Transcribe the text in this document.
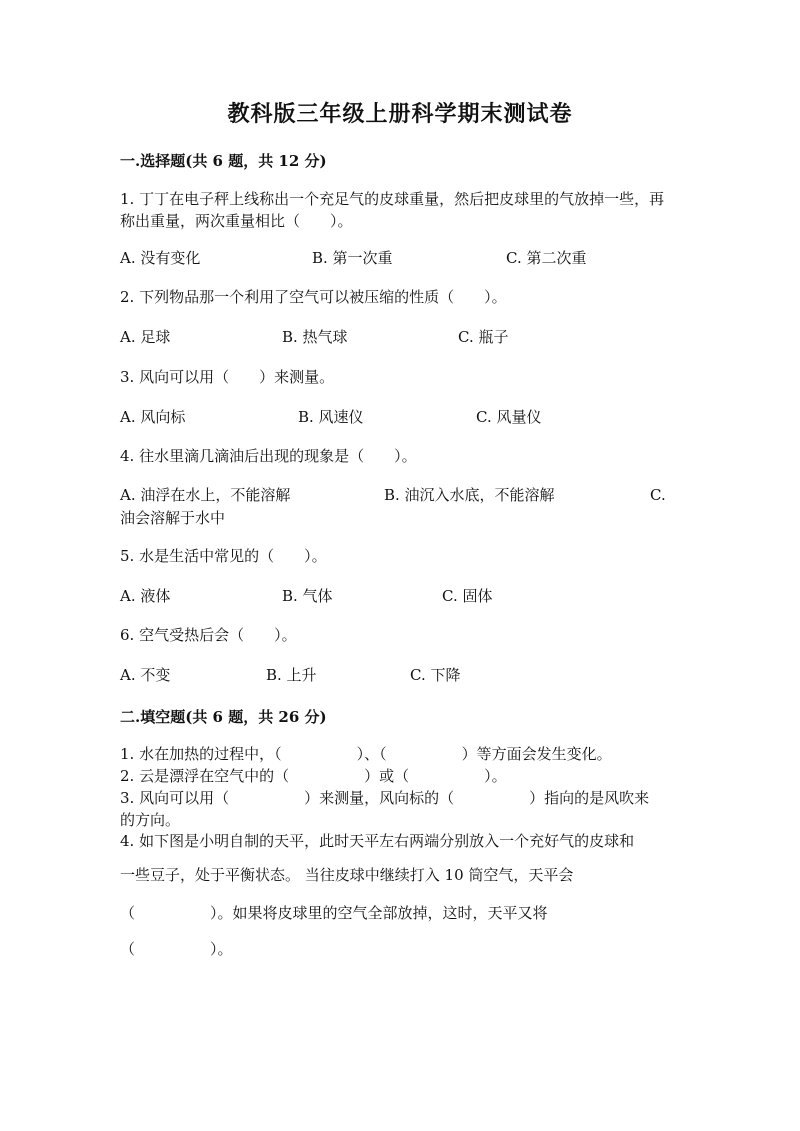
教科版三年级上册科学期末测试卷
一.选择题(共 6 题，共 12 分)
1. 丁丁在电子秤上线称出一个充足气的皮球重量，然后把皮球里的气放掉一些，再称出重量，两次重量相比（　　）。
A. 没有变化	B. 第一次重	C. 第二次重
2. 下列物品那一个利用了空气可以被压缩的性质（　　）。
A. 足球	B. 热气球	C. 瓶子
3. 风向可以用（　　）来测量。
A. 风向标	B. 风速仪	C. 风量仪
4. 往水里滴几滴油后出现的现象是（　　）。
A. 油浮在水上，不能溶解	B. 油沉入水底，不能溶解	C.
油会溶解于水中
5. 水是生活中常见的（　　）。
A. 液体	B. 气体	C. 固体
6. 空气受热后会（　　）。
A. 不变	B. 上升	C. 下降
二.填空题(共 6 题，共 26 分)
1. 水在加热的过程中，（　　　　　）、（　　　　　）等方面会发生变化。
2. 云是漂浮在空气中的（　　　　　）或（　　　　　）。
3. 风向可以用（　　　　　）来测量，风向标的（　　　　　）指向的是风吹来
的方向。
4. 如下图是小明自制的天平，此时天平左右两端分别放入一个充好气的皮球和
一些豆子，处于平衡状态。 当往皮球中继续打入 10 筒空气，天平会
（　　　　　）。如果将皮球里的空气全部放掉，这时，天平又将
（　　　　　）。
